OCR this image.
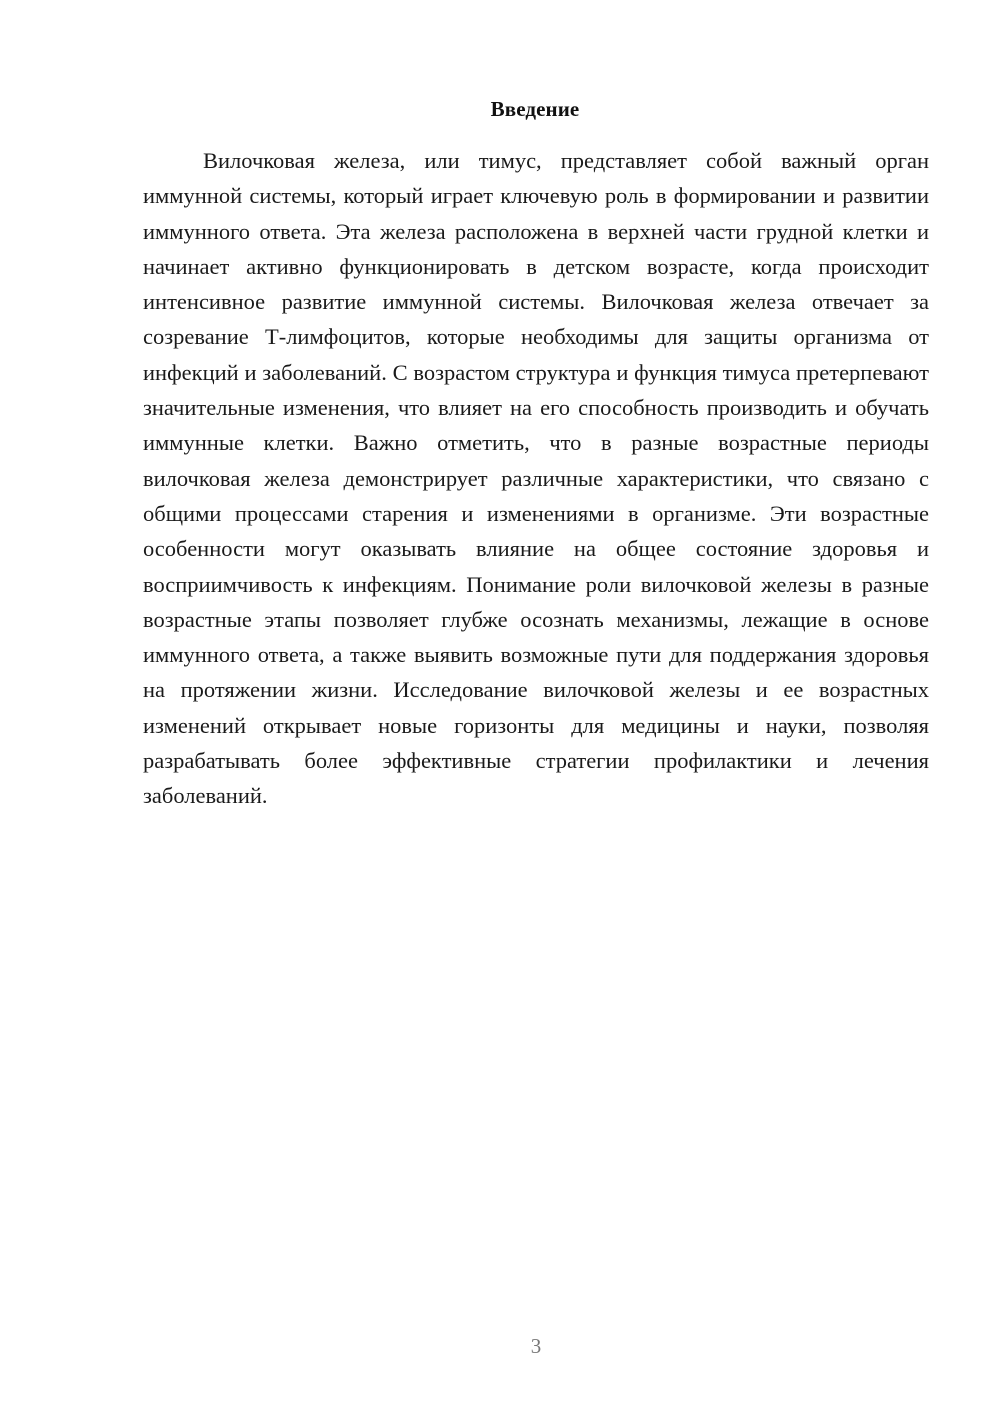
Введение

Вилочковая железа, или тимус, представляет собой важный орган иммунной системы, который играет ключевую роль в формировании и развитии иммунного ответа. Эта железа расположена в верхней части грудной клетки и начинает активно функционировать в детском возрасте, когда происходит интенсивное развитие иммунной системы. Вилочковая железа отвечает за созревание Т-лимфоцитов, которые необходимы для защиты организма от инфекций и заболеваний. С возрастом структура и функция тимуса претерпевают значительные изменения, что влияет на его способность производить и обучать иммунные клетки. Важно отметить, что в разные возрастные периоды вилочковая железа демонстрирует различные характеристики, что связано с общими процессами старения и изменениями в организме. Эти возрастные особенности могут оказывать влияние на общее состояние здоровья и восприимчивость к инфекциям. Понимание роли вилочковой железы в разные возрастные этапы позволяет глубже осознать механизмы, лежащие в основе иммунного ответа, а также выявить возможные пути для поддержания здоровья на протяжении жизни. Исследование вилочковой железы и ее возрастных изменений открывает новые горизонты для медицины и науки, позволяя разрабатывать более эффективные стратегии профилактики и лечения заболеваний.

3
